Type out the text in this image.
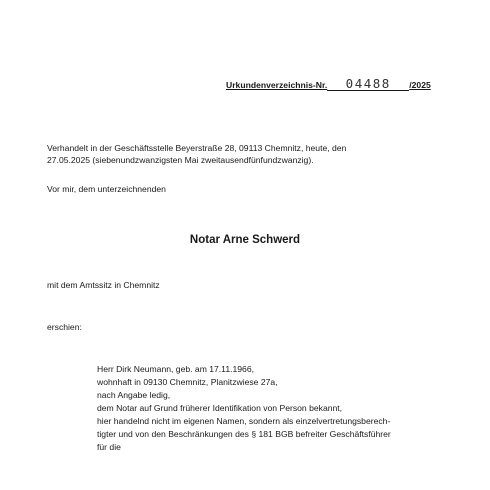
Urkundenverzeichnis-Nr.	04488	/2025
Verhandelt in der Geschäftsstelle Beyerstraße 28, 09113 Chemnitz, heute, den
27.05.2025 (siebenundzwanzigsten Mai zweitausendfünfundzwanzig).
Vor mir, dem unterzeichnenden
Notar Arne Schwerd
mit dem Amtssitz in Chemnitz
erschien:
Herr Dirk Neumann, geb. am 17.11.1966,
wohnhaft in 09130 Chemnitz, Planitzwiese 27a,
nach Angabe ledig,
dem Notar auf Grund früherer Identifikation von Person bekannt,
hier handelnd nicht im eigenen Namen, sondern als einzelvertretungsberech-
tigter und von den Beschränkungen des § 181 BGB befreiter Geschäftsführer
für die
